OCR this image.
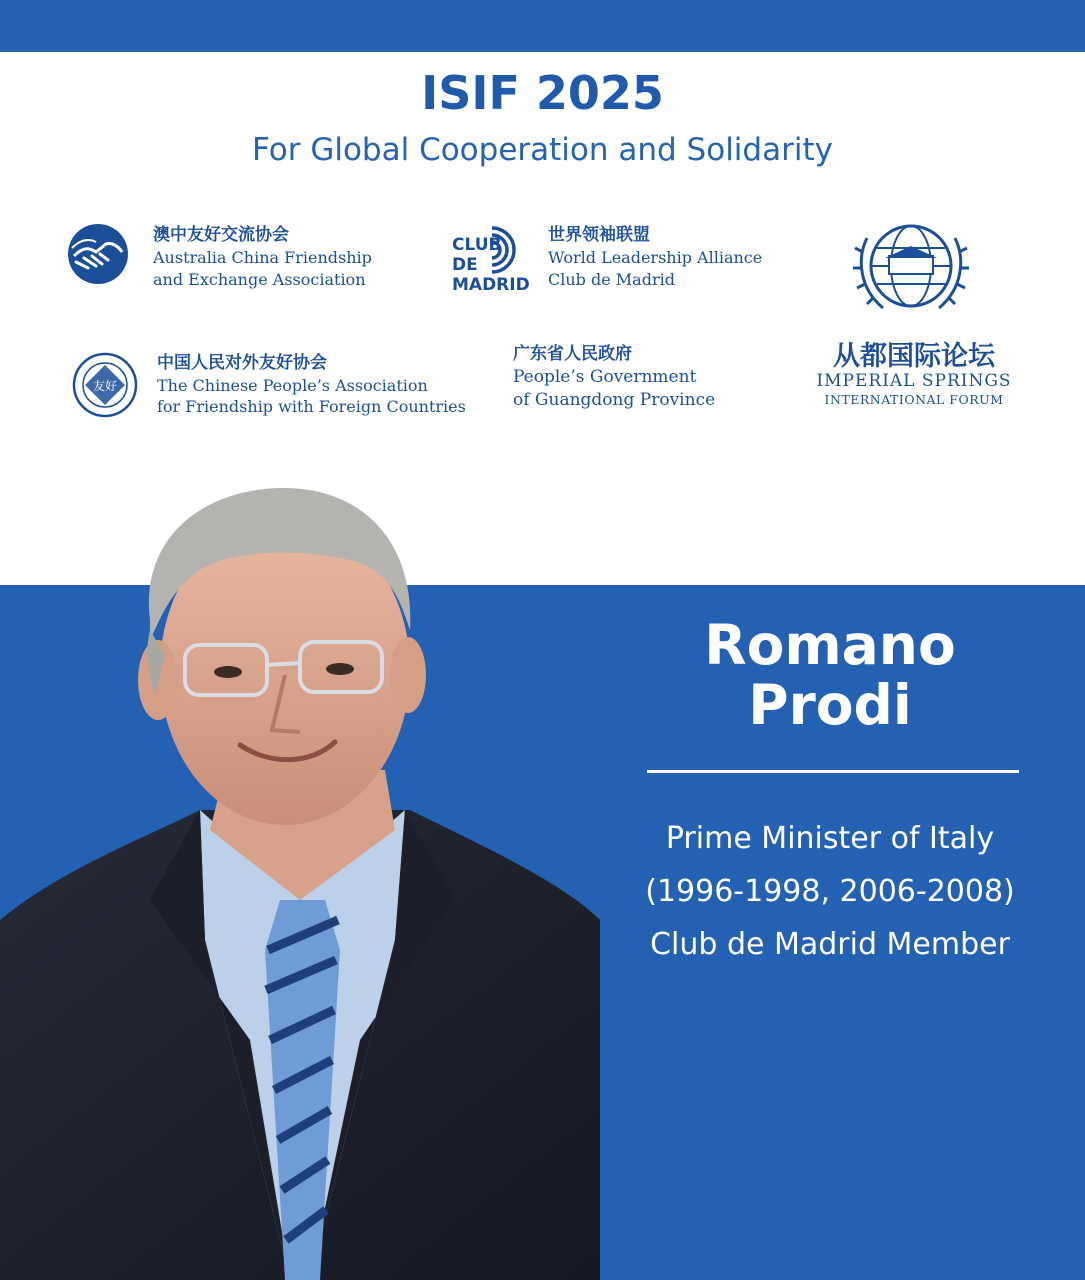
ISIF 2025
For Global Cooperation and Solidarity
澳中友好交流协会
Australia China Friendship
and Exchange Association
CLUB
DE
MADRID
世界领袖联盟
World Leadership Alliance
Club de Madrid
友好
中国人民对外友好协会
The Chinese People’s Association
for Friendship with Foreign Countries
广东省人民政府
People’s Government
of Guangdong Province
从都国际论坛
IMPERIAL SPRINGS
INTERNATIONAL FORUM
Romano
Prodi
Prime Minister of Italy
(1996-1998, 2006-2008)
Club de Madrid Member
